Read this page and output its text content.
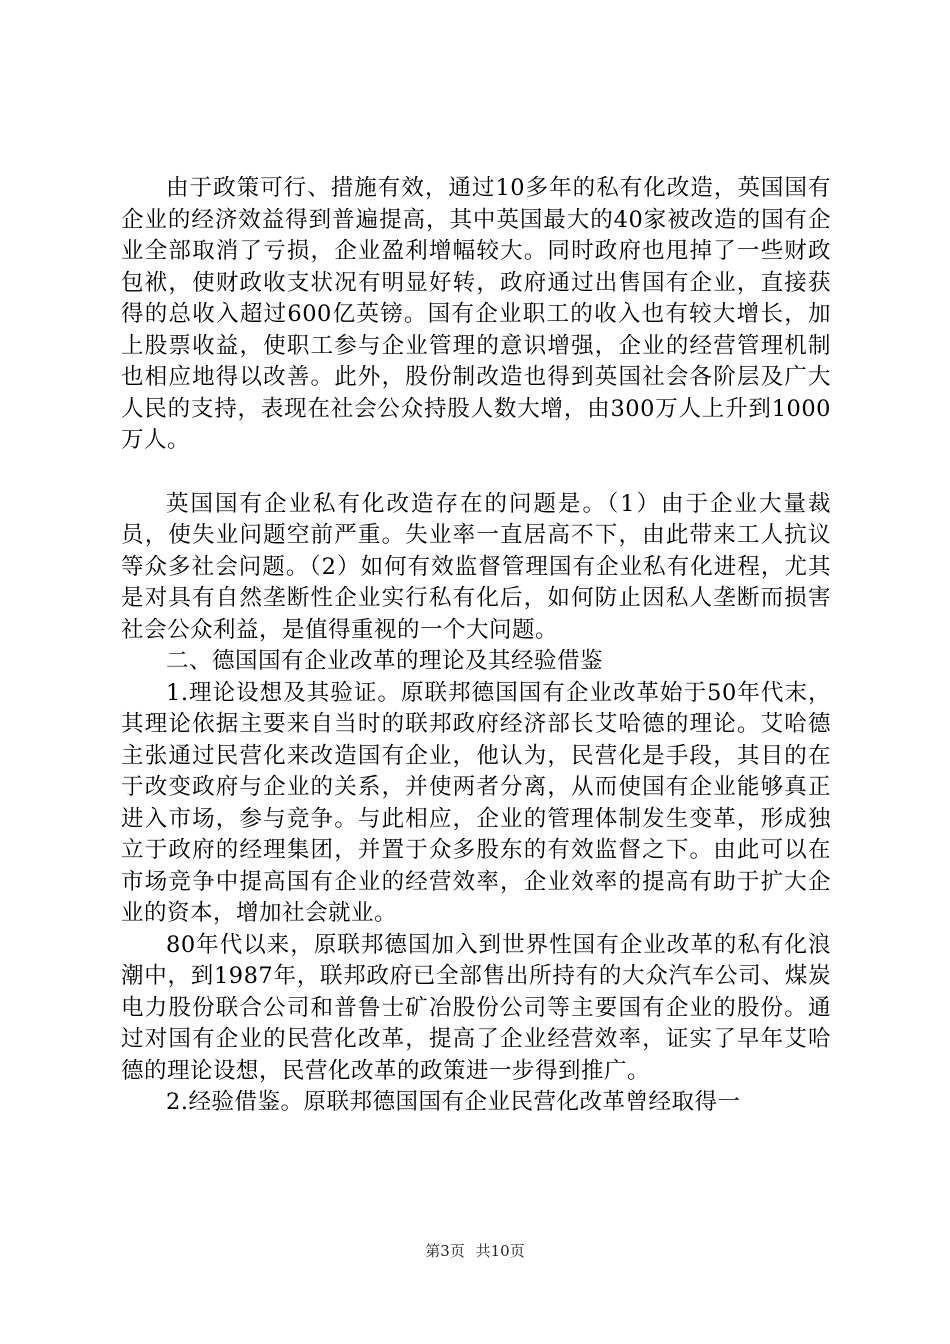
由于政策可行、措施有效，通过10多年的私有化改造，英国国有企业的经济效益得到普遍提高，其中英国最大的40家被改造的国有企业全部取消了亏损，企业盈利增幅较大。同时政府也甩掉了一些财政包袱，使财政收支状况有明显好转，政府通过出售国有企业，直接获得的总收入超过600亿英镑。国有企业职工的收入也有较大增长，加上股票收益，使职工参与企业管理的意识增强，企业的经营管理机制也相应地得以改善。此外，股份制改造也得到英国社会各阶层及广大人民的支持，表现在社会公众持股人数大增，由300万人上升到1000万人。

英国国有企业私有化改造存在的问题是。（1）由于企业大量裁员，使失业问题空前严重。失业率一直居高不下，由此带来工人抗议等众多社会问题。（2）如何有效监督管理国有企业私有化进程，尤其是对具有自然垄断性企业实行私有化后，如何防止因私人垄断而损害社会公众利益，是值得重视的一个大问题。

二、德国国有企业改革的理论及其经验借鉴

1.理论设想及其验证。原联邦德国国有企业改革始于50年代末，其理论依据主要来自当时的联邦政府经济部长艾哈德的理论。艾哈德主张通过民营化来改造国有企业，他认为，民营化是手段，其目的在于改变政府与企业的关系，并使两者分离，从而使国有企业能够真正进入市场，参与竞争。与此相应，企业的管理体制发生变革，形成独立于政府的经理集团，并置于众多股东的有效监督之下。由此可以在市场竞争中提高国有企业的经营效率，企业效率的提高有助于扩大企业的资本，增加社会就业。

80年代以来，原联邦德国加入到世界性国有企业改革的私有化浪潮中，到1987年，联邦政府已全部售出所持有的大众汽车公司、煤炭电力股份联合公司和普鲁士矿冶股份公司等主要国有企业的股份。通过对国有企业的民营化改革，提高了企业经营效率，证实了早年艾哈德的理论设想，民营化改革的政策进一步得到推广。

2.经验借鉴。原联邦德国国有企业民营化改革曾经取得一

第3页 共10页
